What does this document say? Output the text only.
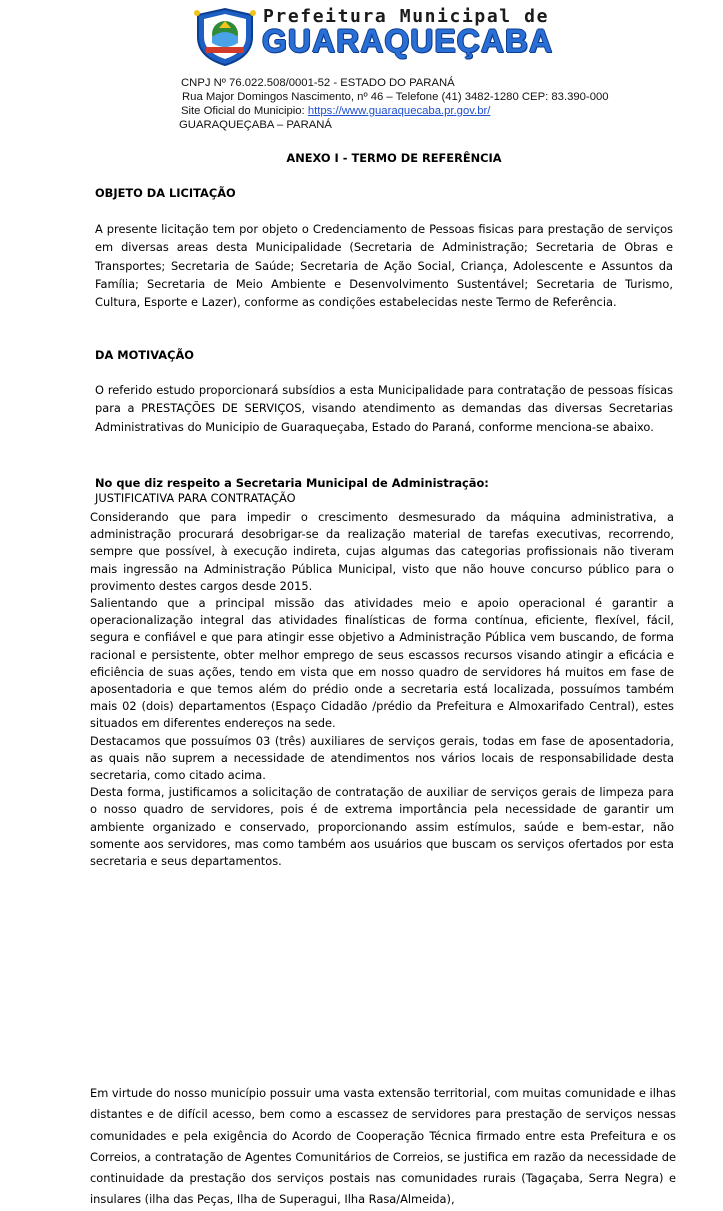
Prefeitura Municipal de
GUARAQUEÇABA
CNPJ Nº 76.022.508/0001-52 - ESTADO DO PARANÁ
Rua Major Domingos Nascimento, nº 46 – Telefone (41) 3482-1280 CEP: 83.390-000
Site Oficial do Municipio: https://www.guaraquecaba.pr.gov.br/
GUARAQUEÇABA – PARANÁ

ANEXO I - TERMO DE REFERÊNCIA

OBJETO DA LICITAÇÃO

A presente licitação tem por objeto o Credenciamento de Pessoas fisicas para prestação de serviços em diversas areas desta Municipalidade (Secretaria de Administração; Secretaria de Obras e Transportes; Secretaria de Saúde; Secretaria de Ação Social, Criança, Adolescente e Assuntos da Família; Secretaria de Meio Ambiente e Desenvolvimento Sustentável; Secretaria de Turismo, Cultura, Esporte e Lazer), conforme as condições estabelecidas neste Termo de Referência.

DA MOTIVAÇÃO

O referido estudo proporcionará subsídios a esta Municipalidade para contratação de pessoas físicas para a PRESTAÇÕES DE SERVIÇOS, visando atendimento as demandas das diversas Secretarias Administrativas do Municipio de Guaraqueçaba, Estado do Paraná, conforme menciona-se abaixo.

No que diz respeito a Secretaria Municipal de Administração:

JUSTIFICATIVA PARA CONTRATAÇÃO

Considerando que para impedir o crescimento desmesurado da máquina administrativa, a administração procurará desobrigar-se da realização material de tarefas executivas, recorrendo, sempre que possível, à execução indireta, cujas algumas das categorias profissionais não tiveram mais ingressão na Administração Pública Municipal, visto que não houve concurso público para o provimento destes cargos desde 2015.

Salientando que a principal missão das atividades meio e apoio operacional é garantir a operacionalização integral das atividades finalísticas de forma contínua, eficiente, flexível, fácil, segura e confiável e que para atingir esse objetivo a Administração Pública vem buscando, de forma racional e persistente, obter melhor emprego de seus escassos recursos visando atingir a eficácia e eficiência de suas ações, tendo em vista que em nosso quadro de servidores há muitos em fase de aposentadoria e que temos além do prédio onde a secretaria está localizada, possuímos também mais 02 (dois) departamentos (Espaço Cidadão /prédio da Prefeitura e Almoxarifado Central), estes situados em diferentes endereços na sede.

Destacamos que possuímos 03 (três) auxiliares de serviços gerais, todas em fase de aposentadoria, as quais não suprem a necessidade de atendimentos nos vários locais de responsabilidade desta secretaria, como citado acima.

Desta forma, justificamos a solicitação de contratação de auxiliar de serviços gerais de limpeza para o nosso quadro de servidores, pois é de extrema importância pela necessidade de garantir um ambiente organizado e conservado, proporcionando assim estímulos, saúde e bem-estar, não somente aos servidores, mas como também aos usuários que buscam os serviços ofertados por esta secretaria e seus departamentos.

Em virtude do nosso município possuir uma vasta extensão territorial, com muitas comunidade e ilhas distantes e de difícil acesso, bem como a escassez de servidores para prestação de serviços nessas comunidades e pela exigência do Acordo de Cooperação Técnica firmado entre esta Prefeitura e os Correios, a contratação de Agentes Comunitários de Correios, se justifica em razão da necessidade de continuidade da prestação dos serviços postais nas comunidades rurais (Tagaçaba, Serra Negra) e insulares (ilha das Peças, Ilha de Superagui, Ilha Rasa/Almeida),
